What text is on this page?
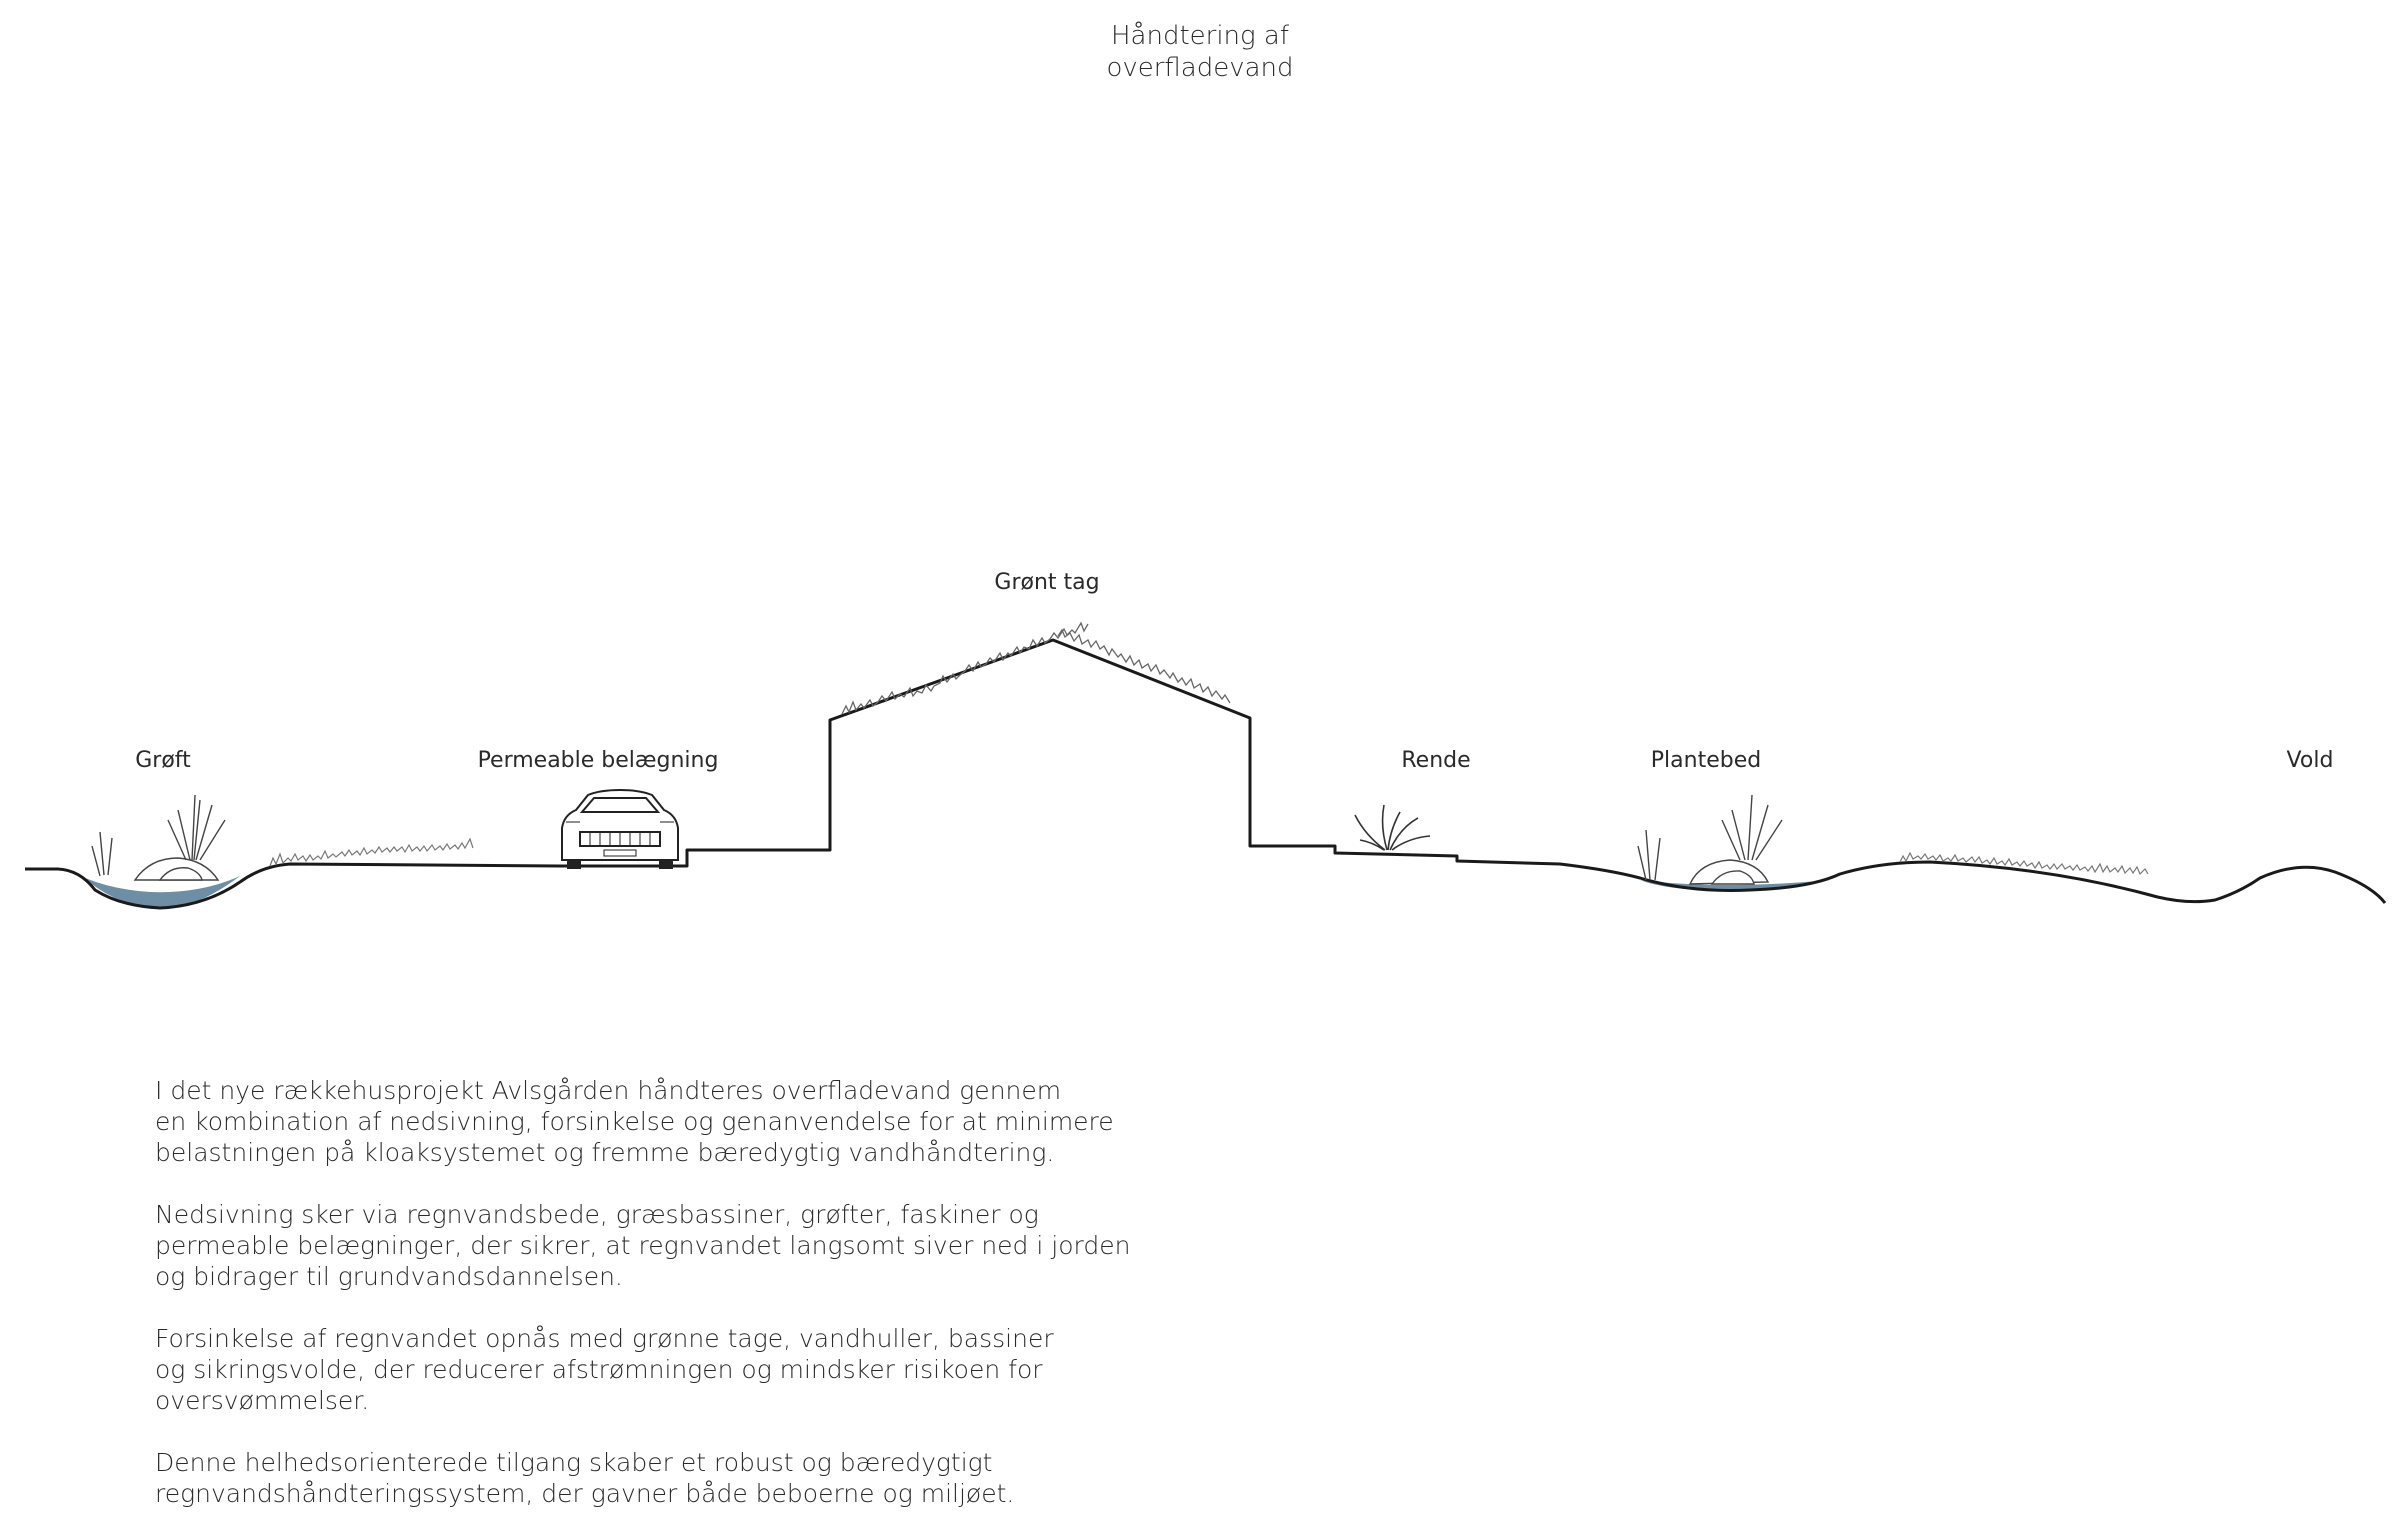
Håndtering af
overfladevand
Grøft	Permeable belægning
Grønt tag
Rende	Plantebed	Vold

I det nye rækkehusprojekt Avlsgården håndteres overfladevand gennem
en kombination af nedsivning, forsinkelse og genanvendelse for at minimere
belastningen på kloaksystemet og fremme bæredygtig vandhåndtering.

Nedsivning sker via regnvandsbede, græsbassiner, grøfter, faskiner og
permeable belægninger, der sikrer, at regnvandet langsomt siver ned i jorden
og bidrager til grundvandsdannelsen.

Forsinkelse af regnvandet opnås med grønne tage, vandhuller, bassiner
og sikringsvolde, der reducerer afstrømningen og mindsker risikoen for
oversvømmelser.

Denne helhedsorienterede tilgang skaber et robust og bæredygtigt
regnvandshåndteringssystem, der gavner både beboerne og miljøet.
